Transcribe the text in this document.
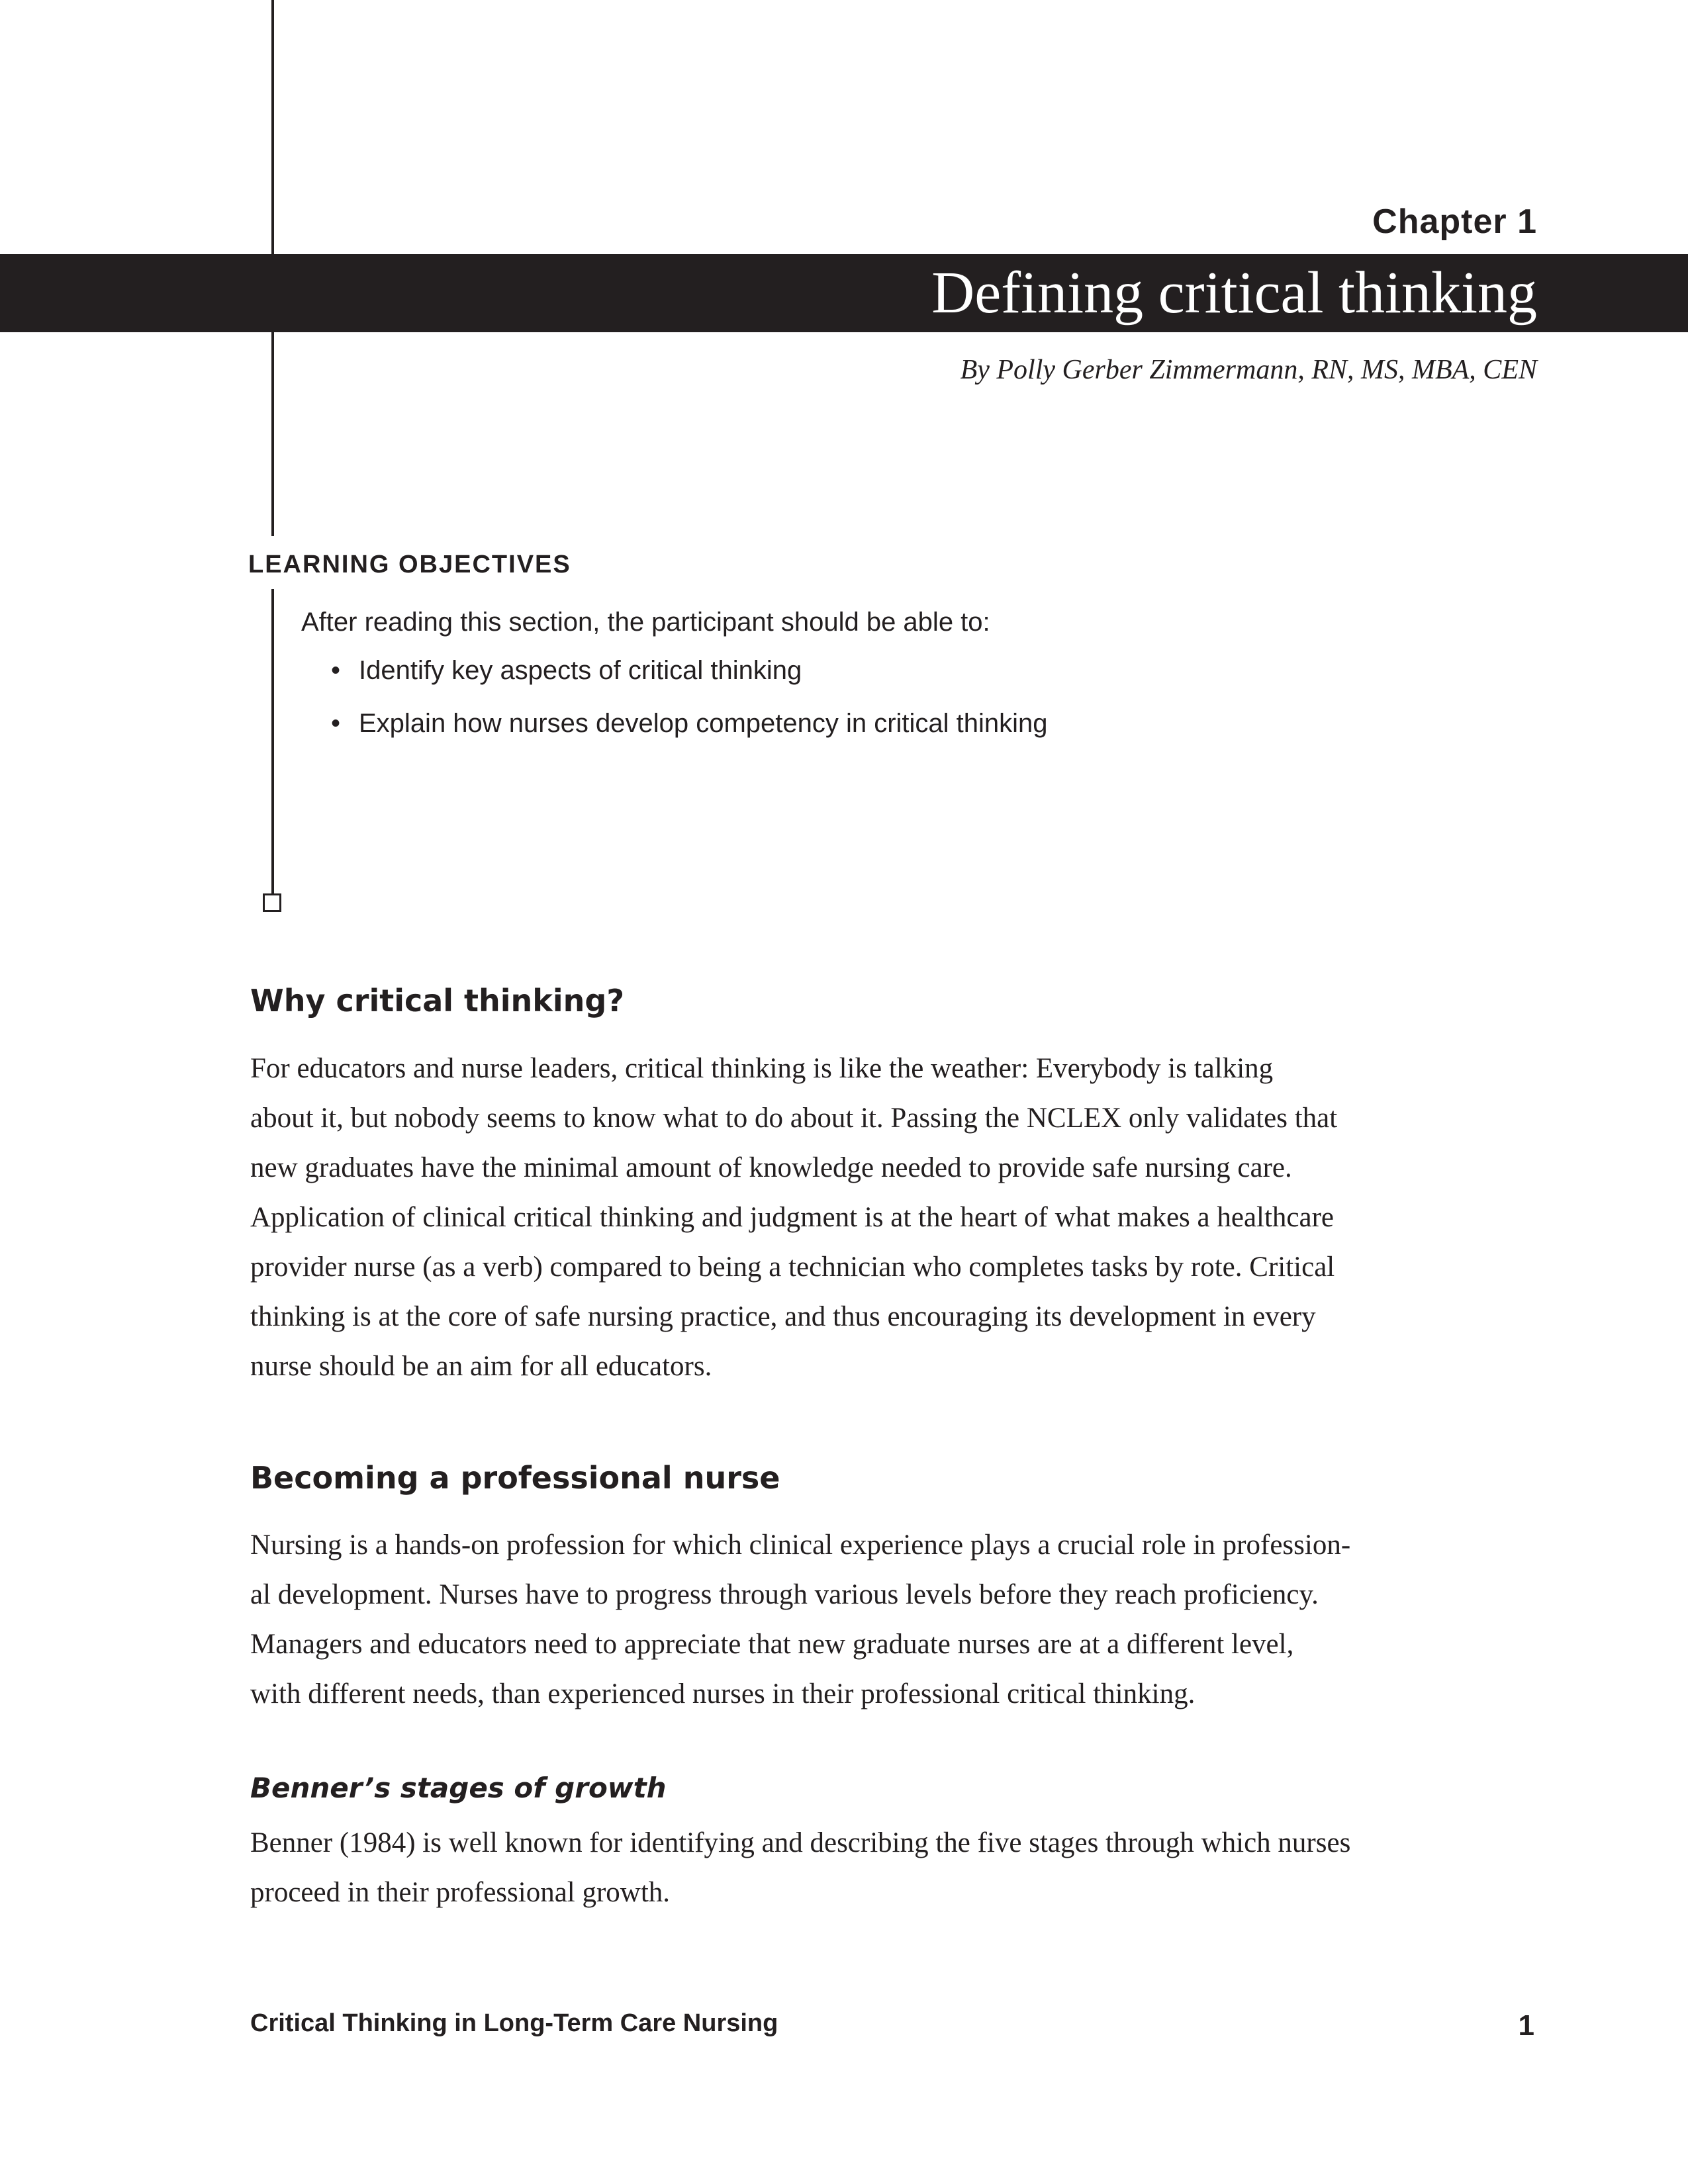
Chapter 1
Defining critical thinking
By Polly Gerber Zimmermann, RN, MS, MBA, CEN
LEARNING OBJECTIVES
After reading this section, the participant should be able to:
• Identify key aspects of critical thinking
• Explain how nurses develop competency in critical thinking
Why critical thinking?
For educators and nurse leaders, critical thinking is like the weather: Everybody is talking
about it, but nobody seems to know what to do about it. Passing the NCLEX only validates that
new graduates have the minimal amount of knowledge needed to provide safe nursing care.
Application of clinical critical thinking and judgment is at the heart of what makes a healthcare
provider nurse (as a verb) compared to being a technician who completes tasks by rote. Critical
thinking is at the core of safe nursing practice, and thus encouraging its development in every
nurse should be an aim for all educators.
Becoming a professional nurse
Nursing is a hands-on profession for which clinical experience plays a crucial role in profession-
al development. Nurses have to progress through various levels before they reach proficiency.
Managers and educators need to appreciate that new graduate nurses are at a different level,
with different needs, than experienced nurses in their professional critical thinking.
Benner’s stages of growth
Benner (1984) is well known for identifying and describing the five stages through which nurses
proceed in their professional growth.
Critical Thinking in Long-Term Care Nursing	1
